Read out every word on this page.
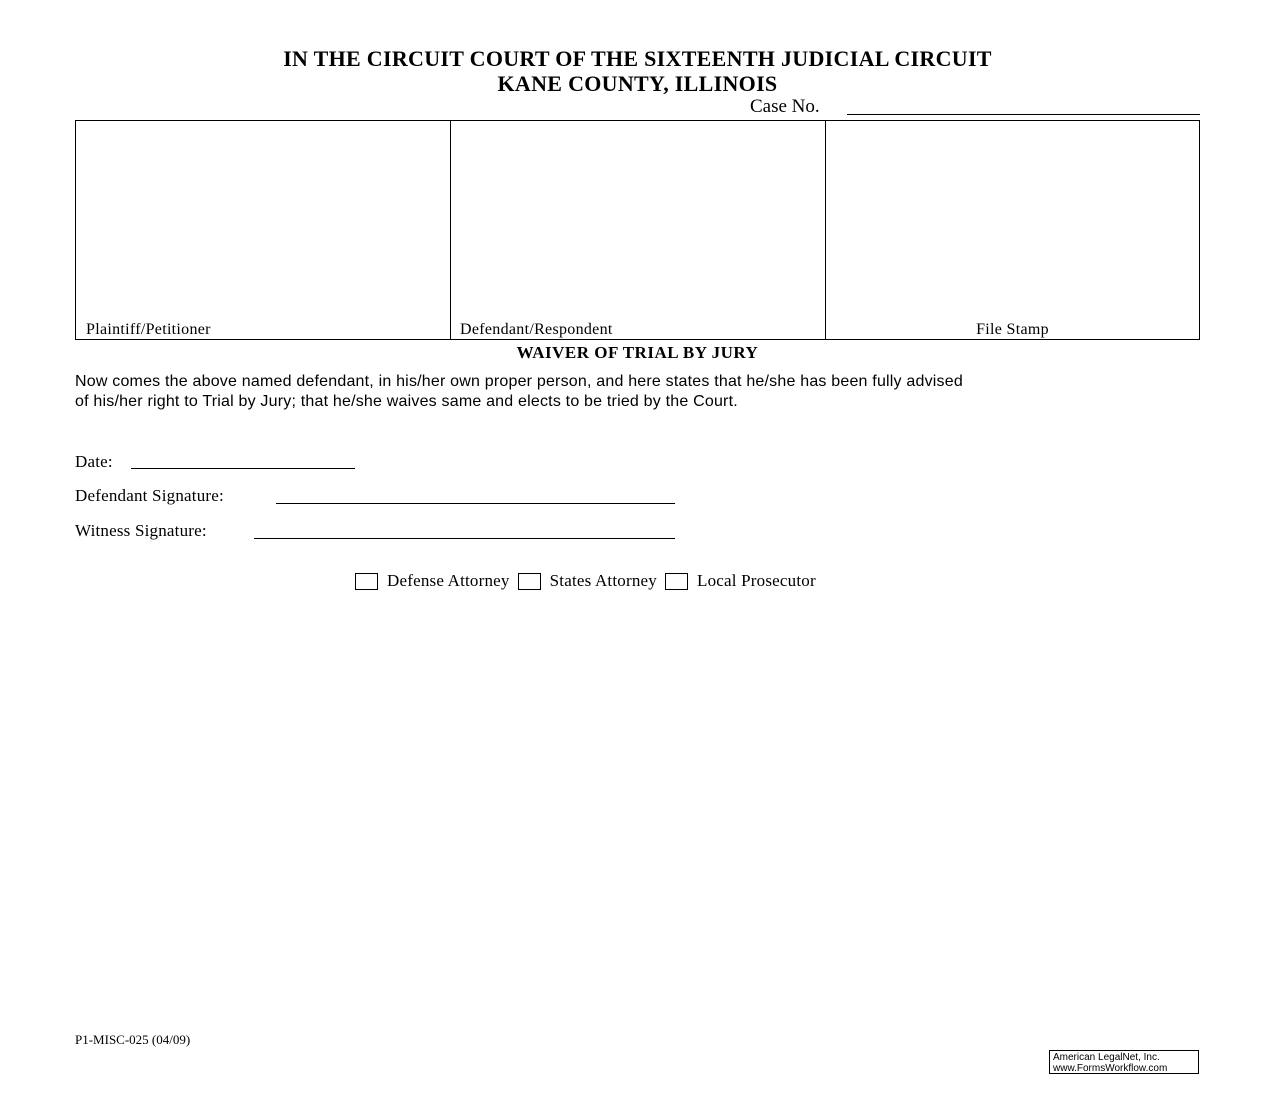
IN THE CIRCUIT COURT OF THE SIXTEENTH JUDICIAL CIRCUIT
KANE COUNTY, ILLINOIS
Case No.
Plaintiff/Petitioner	Defendant/Respondent	File Stamp
WAIVER OF TRIAL BY JURY
Now comes the above named defendant, in his/her own proper person, and here states that he/she has been fully advised
of his/her right to Trial by Jury; that he/she waives same and elects to be tried by the Court.
Date:
Defendant Signature:
Witness Signature:
Defense Attorney States Attorney Local Prosecutor
P1-MISC-025 (04/09)
American LegalNet, Inc.
www.FormsWorkflow.com
